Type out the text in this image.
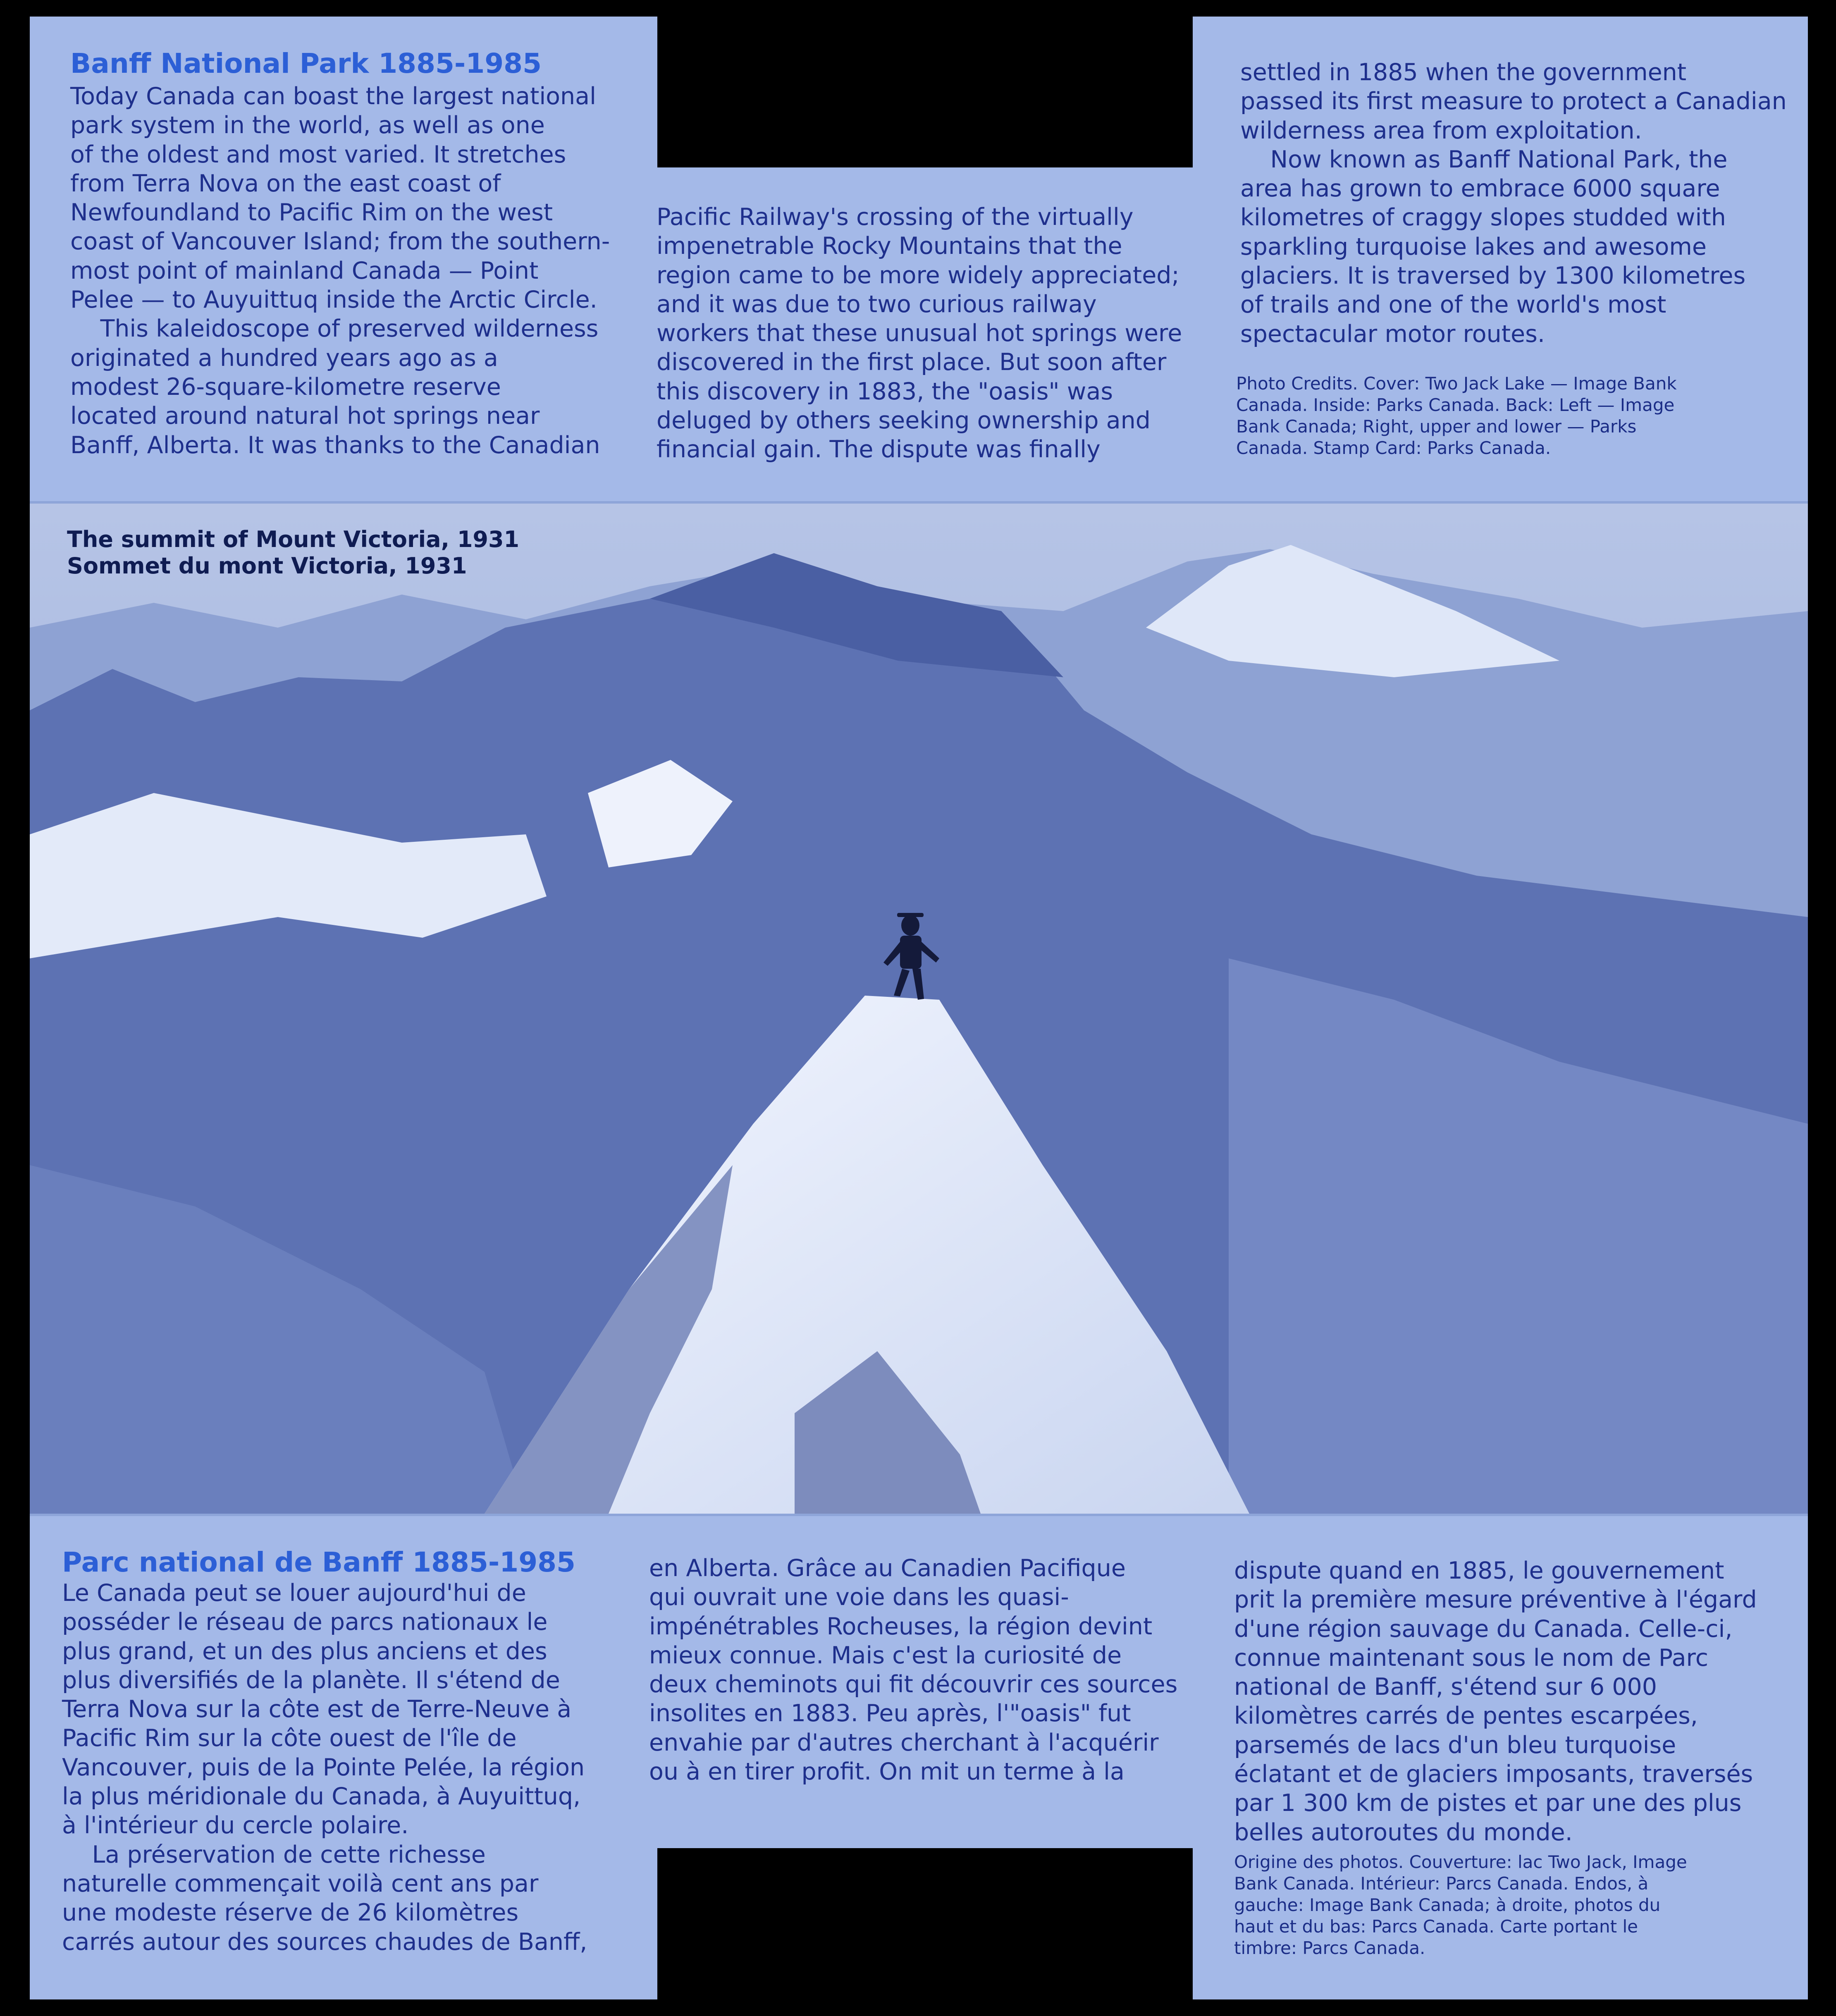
Banff National Park 1885-1985

Today Canada can boast the largest national
park system in the world, as well as one
of the oldest and most varied. It stretches
from Terra Nova on the east coast of
Newfoundland to Pacific Rim on the west
coast of Vancouver Island; from the southern-
most point of mainland Canada — Point
Pelee — to Auyuittuq inside the Arctic Circle.
This kaleidoscope of preserved wilderness
originated a hundred years ago as a
modest 26-square-kilometre reserve
located around natural hot springs near
Banff, Alberta. It was thanks to the Canadian

Pacific Railway's crossing of the virtually
impenetrable Rocky Mountains that the
region came to be more widely appreciated;
and it was due to two curious railway
workers that these unusual hot springs were
discovered in the first place. But soon after
this discovery in 1883, the "oasis" was
deluged by others seeking ownership and
financial gain. The dispute was finally

settled in 1885 when the government
passed its first measure to protect a Canadian
wilderness area from exploitation.
Now known as Banff National Park, the
area has grown to embrace 6000 square
kilometres of craggy slopes studded with
sparkling turquoise lakes and awesome
glaciers. It is traversed by 1300 kilometres
of trails and one of the world's most
spectacular motor routes.

Photo Credits. Cover: Two Jack Lake — Image Bank
Canada. Inside: Parks Canada. Back: Left — Image
Bank Canada; Right, upper and lower — Parks
Canada. Stamp Card: Parks Canada.

The summit of Mount Victoria, 1931
Sommet du mont Victoria, 1931
Parc national de Banff 1885-1985

Le Canada peut se louer aujourd'hui de
posséder le réseau de parcs nationaux le
plus grand, et un des plus anciens et des
plus diversifiés de la planète. Il s'étend de
Terra Nova sur la côte est de Terre-Neuve à
Pacific Rim sur la côte ouest de l'île de
Vancouver, puis de la Pointe Pelée, la région
la plus méridionale du Canada, à Auyuittuq,
à l'intérieur du cercle polaire.
La préservation de cette richesse
naturelle commençait voilà cent ans par
une modeste réserve de 26 kilomètres
carrés autour des sources chaudes de Banff,

en Alberta. Grâce au Canadien Pacifique
qui ouvrait une voie dans les quasi-
impénétrables Rocheuses, la région devint
mieux connue. Mais c'est la curiosité de
deux cheminots qui fit découvrir ces sources
insolites en 1883. Peu après, l'"oasis" fut
envahie par d'autres cherchant à l'acquérir
ou à en tirer profit. On mit un terme à la

dispute quand en 1885, le gouvernement
prit la première mesure préventive à l'égard
d'une région sauvage du Canada. Celle-ci,
connue maintenant sous le nom de Parc
national de Banff, s'étend sur 6 000
kilomètres carrés de pentes escarpées,
parsemés de lacs d'un bleu turquoise
éclatant et de glaciers imposants, traversés
par 1 300 km de pistes et par une des plus
belles autoroutes du monde.

Origine des photos. Couverture: lac Two Jack, Image
Bank Canada. Intérieur: Parcs Canada. Endos, à
gauche: Image Bank Canada; à droite, photos du
haut et du bas: Parcs Canada. Carte portant le
timbre: Parcs Canada.
